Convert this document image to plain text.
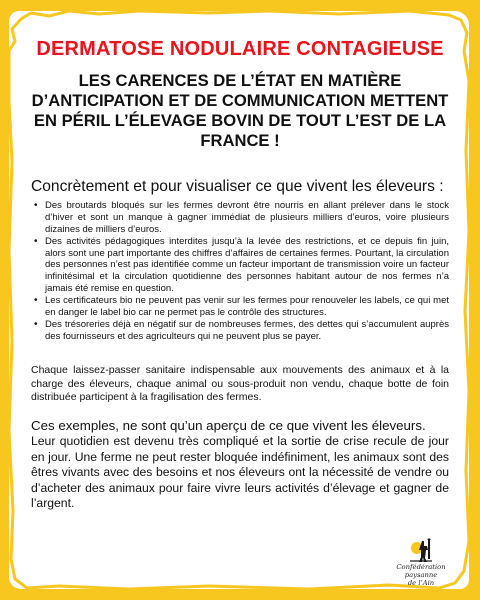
DERMATOSE NODULAIRE CONTAGIEUSE
LES CARENCES DE L’ÉTAT EN MATIÈRE D’ANTICIPATION ET DE COMMUNICATION METTENT EN PÉRIL L’ÉLEVAGE BOVIN DE TOUT L’EST DE LA FRANCE !

Concrètement et pour visualiser ce que vivent les éleveurs :

• Des broutards bloqués sur les fermes devront être nourris en allant prélever dans le stock d’hiver et sont un manque à gagner immédiat de plusieurs milliers d’euros, voire plusieurs dizaines de milliers d’euros.
• Des activités pédagogiques interdites jusqu’à la levée des restrictions, et ce depuis fin juin, alors sont une part importante des chiffres d’affaires de certaines fermes. Pourtant, la circulation des personnes n’est pas identifiée comme un facteur important de transmission voire un facteur infinitésimal et la circulation quotidienne des personnes habitant autour de nos fermes n’a jamais été remise en question.
• Les certificateurs bio ne peuvent pas venir sur les fermes pour renouveler les labels, ce qui met en danger le label bio car ne permet pas le contrôle des structures.
• Des trésoreries déjà en négatif sur de nombreuses fermes, des dettes qui s’accumulent auprès des fournisseurs et des agriculteurs qui ne peuvent plus se payer.

Chaque laissez-passer sanitaire indispensable aux mouvements des animaux et à la charge des éleveurs, chaque animal ou sous-produit non vendu, chaque botte de foin distribuée participent à la fragilisation des fermes.

Ces exemples, ne sont qu’un aperçu de ce que vivent les éleveurs.

Leur quotidien est devenu très compliqué et la sortie de crise recule de jour en jour. Une ferme ne peut rester bloquée indéfiniment, les animaux sont des êtres vivants avec des besoins et nos éleveurs ont la nécessité de vendre ou d’acheter des animaux pour faire vivre leurs activités d’élevage et gagner de l’argent.

Confédération paysanne
de l’Ain
